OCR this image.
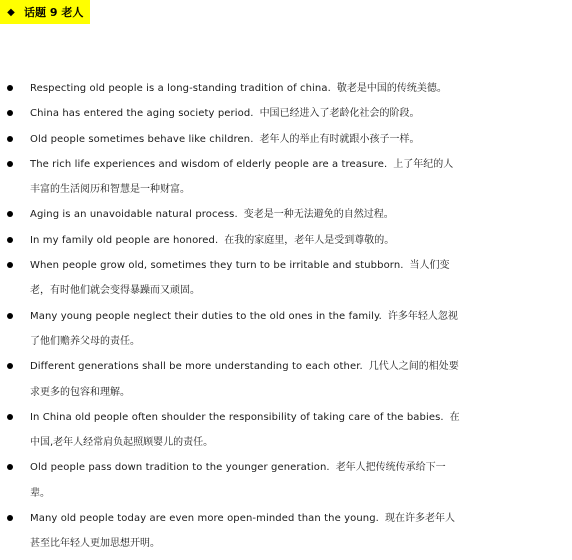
◆ 话题 9 老人
Respecting old people is a long-standing tradition of china. 敬老是中国的传统美德。
China has entered the aging society period. 中国已经进入了老龄化社会的阶段。
Old people sometimes behave like children. 老年人的举止有时就跟小孩子一样。
The rich life experiences and wisdom of elderly people are a treasure. 上了年纪的人丰富的生活阅历和智慧是一种财富。
Aging is an unavoidable natural process. 变老是一种无法避免的自然过程。
In my family old people are honored. 在我的家庭里，老年人是受到尊敬的。
When people grow old, sometimes they turn to be irritable and stubborn. 当人们变老，有时他们就会变得暴躁而又顽固。
Many young people neglect their duties to the old ones in the family. 许多年轻人忽视了他们赡养父母的责任。
Different generations shall be more understanding to each other. 几代人之间的相处要求更多的包容和理解。
In China old people often shoulder the responsibility of taking care of the babies. 在中国,老年人经常肩负起照顾婴儿的责任。
Old people pass down tradition to the younger generation. 老年人把传统传承给下一辈。
Many old people today are even more open-minded than the young. 现在许多老年人甚至比年轻人更加思想开明。
